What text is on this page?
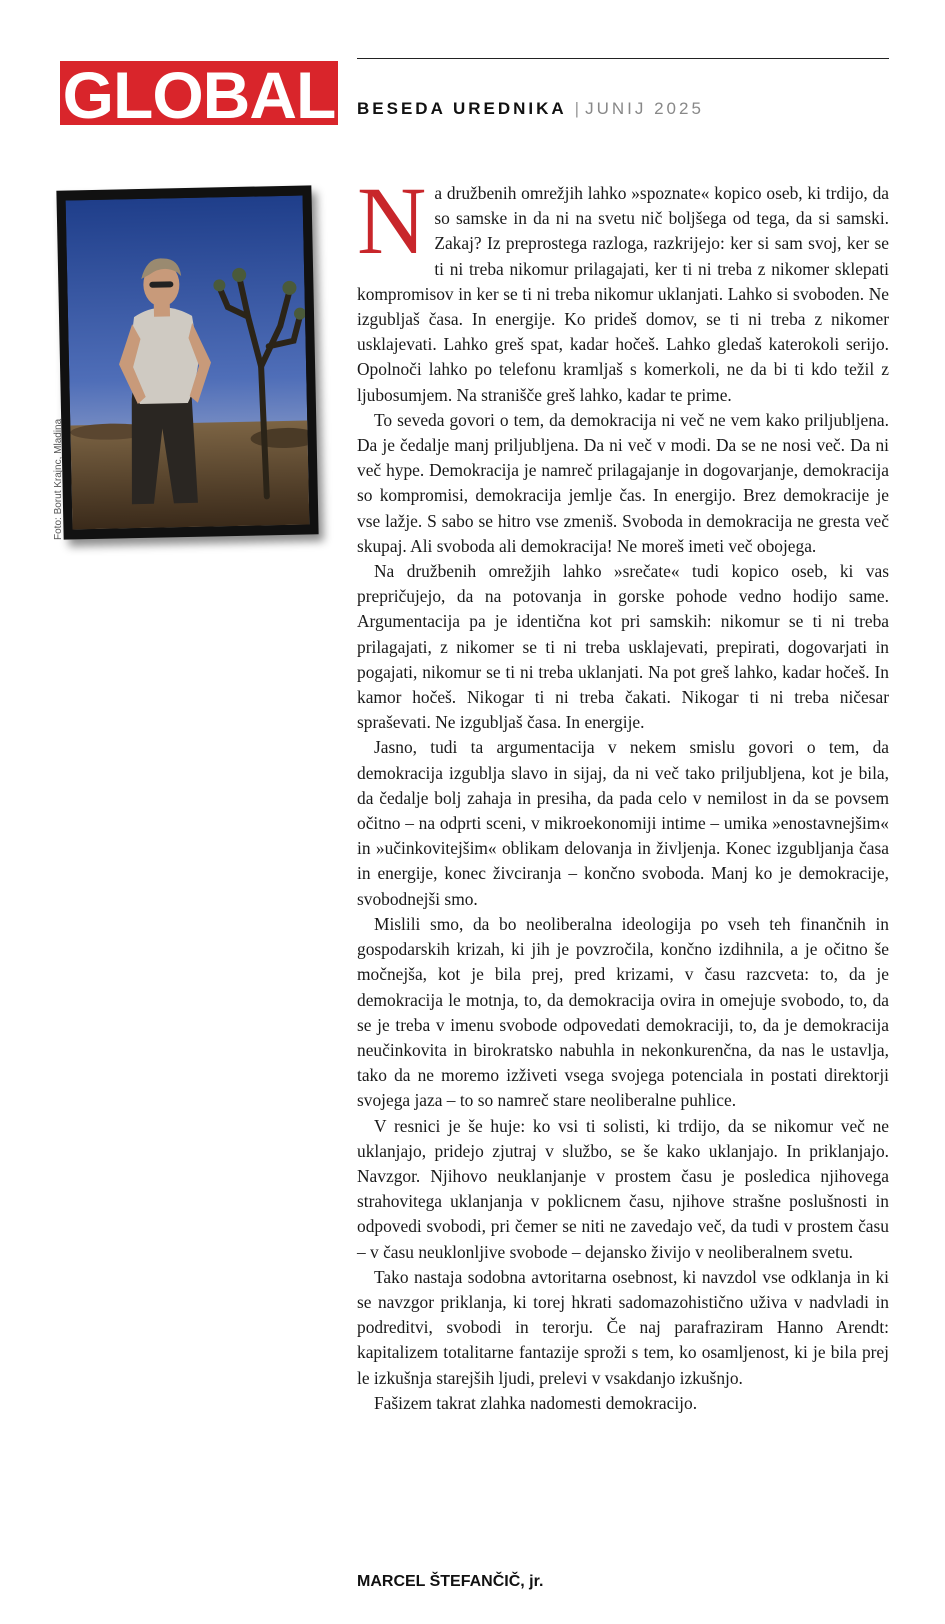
GLOBAL BESEDA UREDNIKA | JUNIJ 2025
Foto: Borut Krajnc, Mladina

Na družbenih omrežjih lahko »spoznate« kopico oseb, ki trdijo, da so samske in da ni na svetu nič boljšega od tega, da si samski. Zakaj? Iz preprostega razloga, razkrijejo: ker si sam svoj, ker se ti ni treba nikomur prilagajati, ker ti ni treba z nikomer sklepati kompromisov in ker se ti ni treba nikomur uklanjati. Lahko si svoboden. Ne izgubljaš časa. In energije. Ko prideš domov, se ti ni treba z nikomer usklajevati. Lahko greš spat, kadar hočeš. Lahko gledaš katerokoli serijo. Opolnoči lahko po telefonu kramljaš s komerkoli, ne da bi ti kdo težil z ljubosumjem. Na stranišče greš lahko, kadar te prime.

To seveda govori o tem, da demokracija ni več ne vem kako priljubljena. Da je čedalje manj priljubljena. Da ni več v modi. Da se ne nosi več. Da ni več hype. Demokracija je namreč prilagajanje in dogovarjanje, demokracija so kompromisi, demokracija jemlje čas. In energijo. Brez demokracije je vse lažje. S sabo se hitro vse zmeniš. Svoboda in demokracija ne gresta več skupaj. Ali svoboda ali demokracija! Ne moreš imeti več obojega.

Na družbenih omrežjih lahko »srečate« tudi kopico oseb, ki vas prepričujejo, da na potovanja in gorske pohode vedno hodijo same. Argumentacija pa je identična kot pri samskih: nikomur se ti ni treba prilagajati, z nikomer se ti ni treba usklajevati, prepirati, dogovarjati in pogajati, nikomur se ti ni treba uklanjati. Na pot greš lahko, kadar hočeš. In kamor hočeš. Nikogar ti ni treba čakati. Nikogar ti ni treba ničesar spraševati. Ne izgubljaš časa. In energije.

Jasno, tudi ta argumentacija v nekem smislu govori o tem, da demokracija izgublja slavo in sijaj, da ni več tako priljubljena, kot je bila, da čedalje bolj zahaja in presiha, da pada celo v nemilost in da se povsem očitno – na odprti sceni, v mikroekonomiji intime – umika »enostavnejšim« in »učinkovitejšim« oblikam delovanja in življenja. Konec izgubljanja časa in energije, konec živciranja – končno svoboda. Manj ko je demokracije, svobodnejši smo.

Mislili smo, da bo neoliberalna ideologija po vseh teh finančnih in gospodarskih krizah, ki jih je povzročila, končno izdihnila, a je očitno še močnejša, kot je bila prej, pred krizami, v času razcveta: to, da je demokracija le motnja, to, da demokracija ovira in omejuje svobodo, to, da se je treba v imenu svobode odpovedati demokraciji, to, da je demokracija neučinkovita in birokratsko nabuhla in nekonkurenčna, da nas le ustavlja, tako da ne moremo izživeti vsega svojega potenciala in postati direktorji svojega jaza – to so namreč stare neoliberalne puhlice.

V resnici je še huje: ko vsi ti solisti, ki trdijo, da se nikomur več ne uklanjajo, pridejo zjutraj v službo, se še kako uklanjajo. In priklanjajo. Navzgor. Njihovo neuklanjanje v prostem času je posledica njihovega strahovitega uklanjanja v poklicnem času, njihove strašne poslušnosti in odpovedi svobodi, pri čemer se niti ne zavedajo več, da tudi v prostem času – v času neuklonljive svobode – dejansko živijo v neoliberalnem svetu.

Tako nastaja sodobna avtoritarna osebnost, ki navzdol vse odklanja in ki se navzgor priklanja, ki torej hkrati sadomazohistično uživa v nadvladi in podreditvi, svobodi in terorju. Če naj parafraziram Hanno Arendt: kapitalizem totalitarne fantazije sproži s tem, ko osamljenost, ki je bila prej le izkušnja starejših ljudi, prelevi v vsakdanjo izkušnjo.

Fašizem takrat zlahka nadomesti demokracijo.

MARCEL ŠTEFANČIČ, jr.
